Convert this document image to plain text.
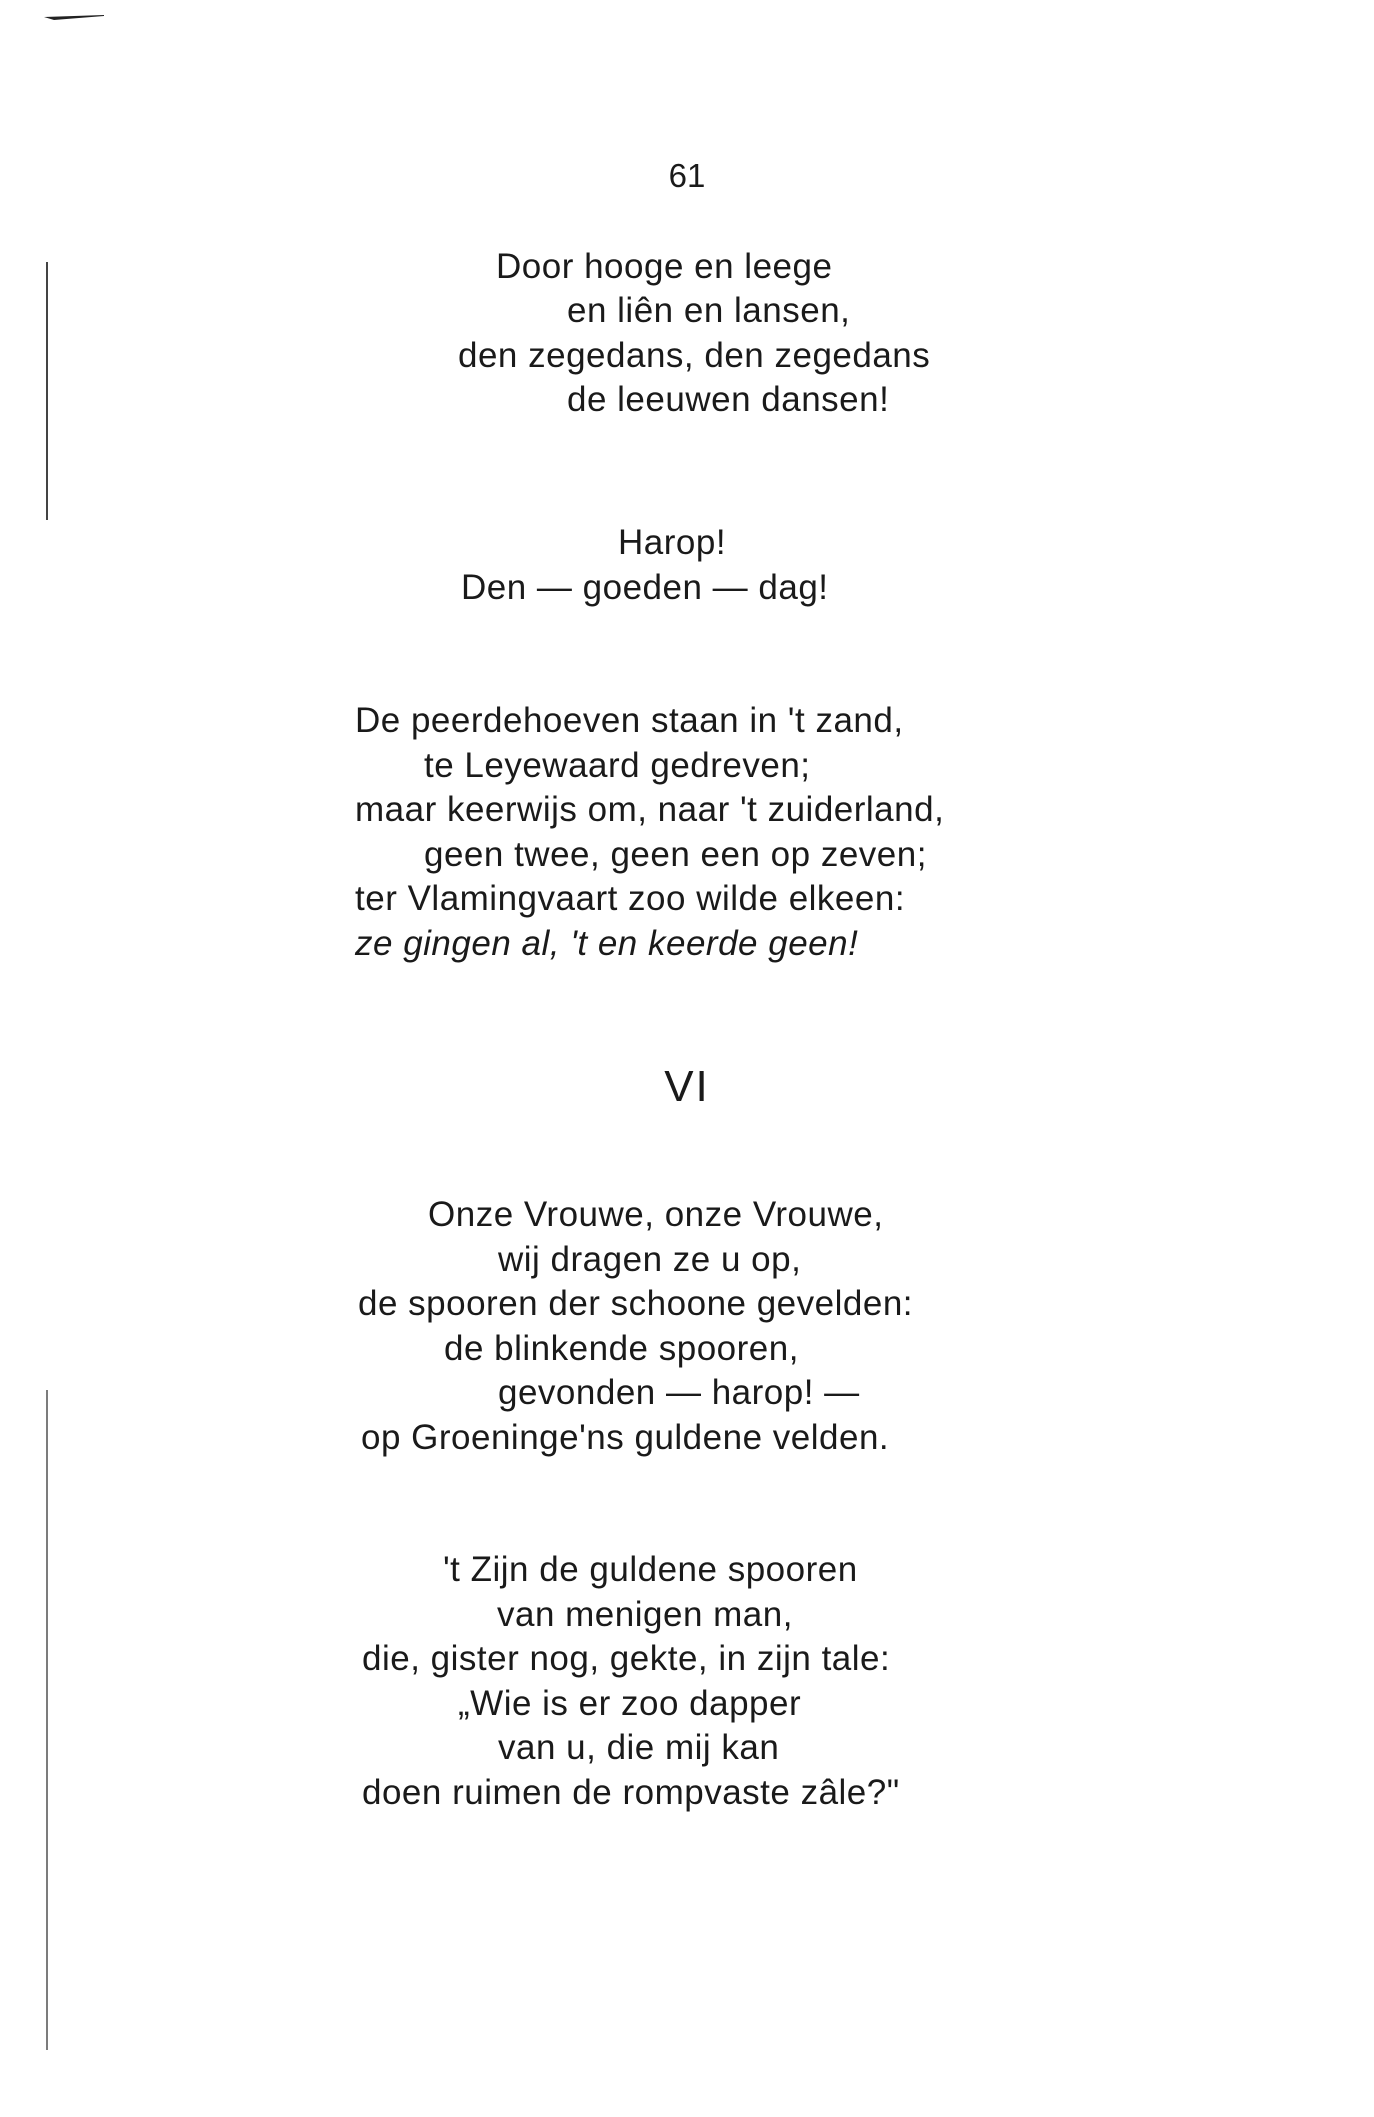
61
Door hooge en leege
en liên en lansen,
den zegedans, den zegedans
de leeuwen dansen!
Harop!
Den — goeden — dag!
De peerdehoeven staan in 't zand,
te Leyewaard gedreven;
maar keerwijs om, naar 't zuiderland,
geen twee, geen een op zeven;
ter Vlamingvaart zoo wilde elkeen:
ze gingen al, 't en keerde geen!
VI
Onze Vrouwe, onze Vrouwe,
wij dragen ze u op,
de spooren der schoone gevelden:
de blinkende spooren,
gevonden — harop! —
op Groeninge'ns guldene velden.
't Zijn de guldene spooren
van menigen man,
die, gister nog, gekte, in zijn tale:
„Wie is er zoo dapper
van u, die mij kan
doen ruimen de rompvaste zâle?"
